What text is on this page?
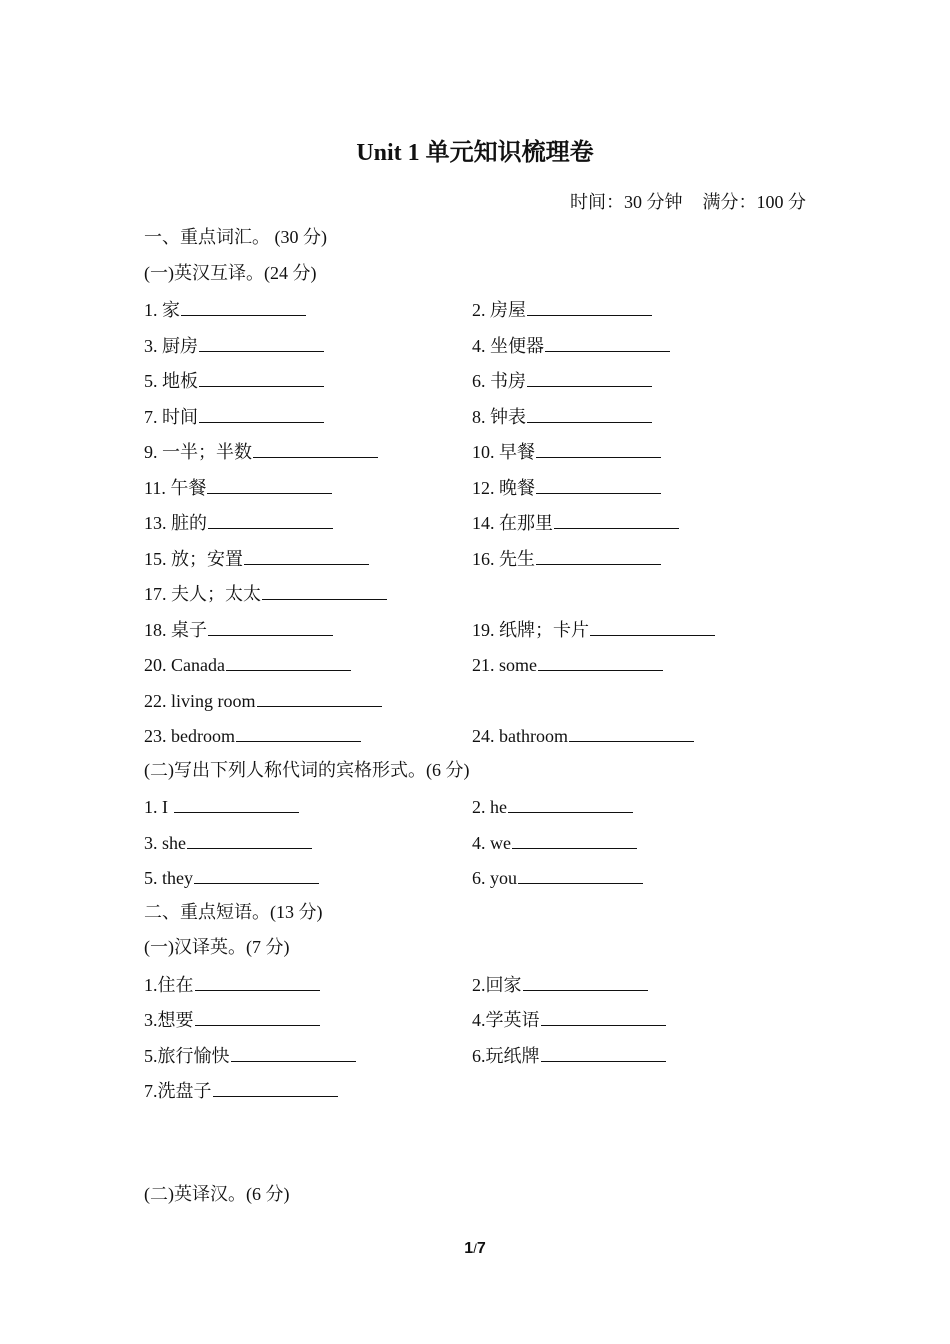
Unit 1 单元知识梳理卷
时间：30 分钟 满分：100 分
一、重点词汇。 (30 分)
(一)英汉互译。(24 分)
1. 家	2. 房屋
3. 厨房	4. 坐便器
5. 地板	6. 书房
7. 时间	8. 钟表
9. 一半；半数	10. 早餐
11. 午餐	12. 晚餐
13. 脏的	14. 在那里
15. 放；安置	16. 先生
17. 夫人；太太
18. 桌子	19. 纸牌；卡片
20. Canada	21. some
22. living room
23. bedroom	24. bathroom
(二)写出下列人称代词的宾格形式。(6 分)
1. I	2. he
3. she	4. we
5. they	6. you
二、重点短语。(13 分)
(一)汉译英。(7 分)
1.住在	2.回家
3.想要	4.学英语
5.旅行愉快	6.玩纸牌
7.洗盘子
(二)英译汉。(6 分)
1/7
